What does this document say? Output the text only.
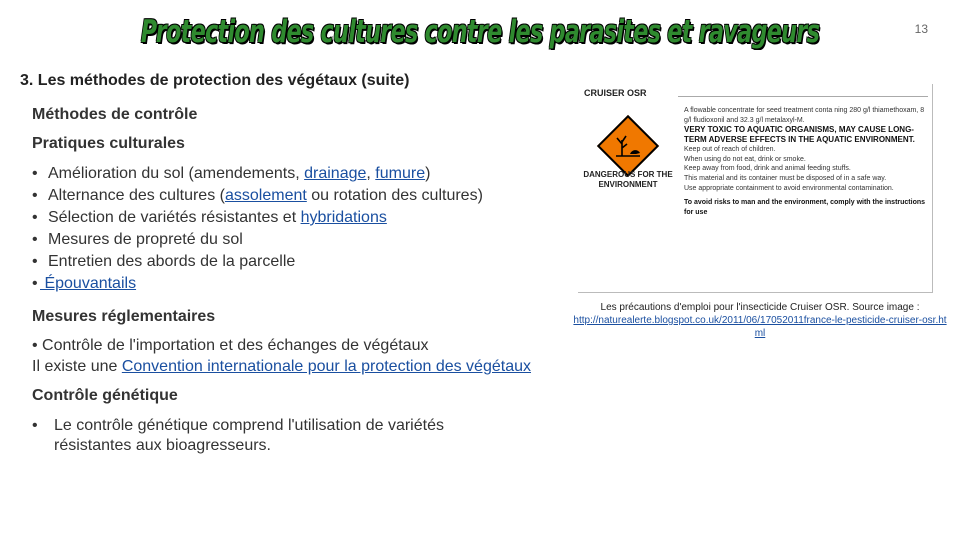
Protection des cultures contre les parasites et ravageurs	13
3. Les méthodes de protection des végétaux (suite)
Méthodes de contrôle
Pratiques culturales
• Amélioration du sol (amendements, drainage, fumure)
• Alternance des cultures (assolement ou rotation des cultures)
• Sélection de variétés résistantes et hybridations
• Mesures de propreté du sol
• Entretien des abords de la parcelle
• Épouvantails
Mesures réglementaires
• Contrôle de l'importation et des échanges de végétaux
Il existe une Convention internationale pour la protection des végétaux
Contrôle génétique
• Le contrôle génétique comprend l'utilisation de variétés résistantes aux bioagresseurs.
CRUISER OSR
DANGEROUS FOR THE ENVIRONMENT
A flowable concentrate for seed treatment conta ning 280 g/l thiamethoxam, 8 g/l fludioxonil and 32.3 g/l metalaxyl-M.
VERY TOXIC TO AQUATIC ORGANISMS, MAY CAUSE LONG-TERM ADVERSE EFFECTS IN THE AQUATIC ENVIRONMENT.
Keep out of reach of children.
When using do not eat, drink or smoke.
Keep away from food, drink and animal feeding stuffs.
This material and its container must be disposed of in a safe way.
Use appropriate containment to avoid environmental contamination.
To avoid risks to man and the environment, comply with the instructions for use
Les précautions d'emploi pour l'insecticide Cruiser OSR. Source image :
http://naturealerte.blogspot.co.uk/2011/06/17052011france-le-pesticide-cruiser-osr.html
